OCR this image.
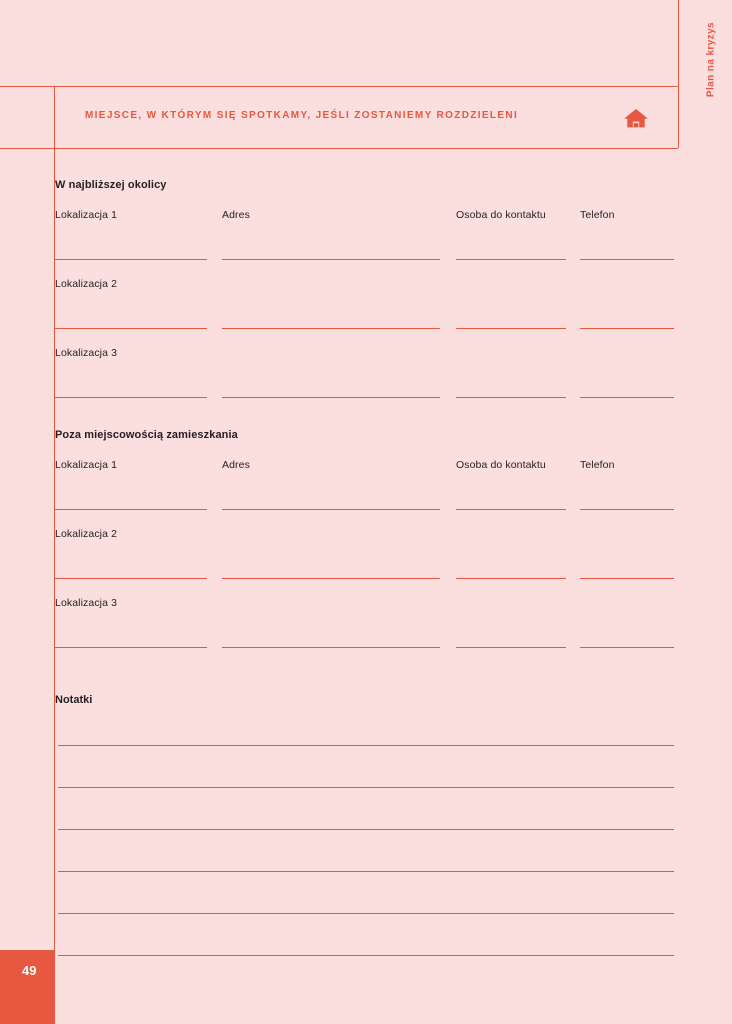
Plan na kryzys
MIEJSCE, W KTÓRYM SIĘ SPOTKAMY, JEŚLI ZOSTANIEMY ROZDZIELENI
W najbliższej okolicy
Lokalizacja 1	Adres	Osoba do kontaktu	Telefon
Lokalizacja 2
Lokalizacja 3
Poza miejscowością zamieszkania
Lokalizacja 1	Adres	Osoba do kontaktu	Telefon
Lokalizacja 2
Lokalizacja 3
Notatki
49
